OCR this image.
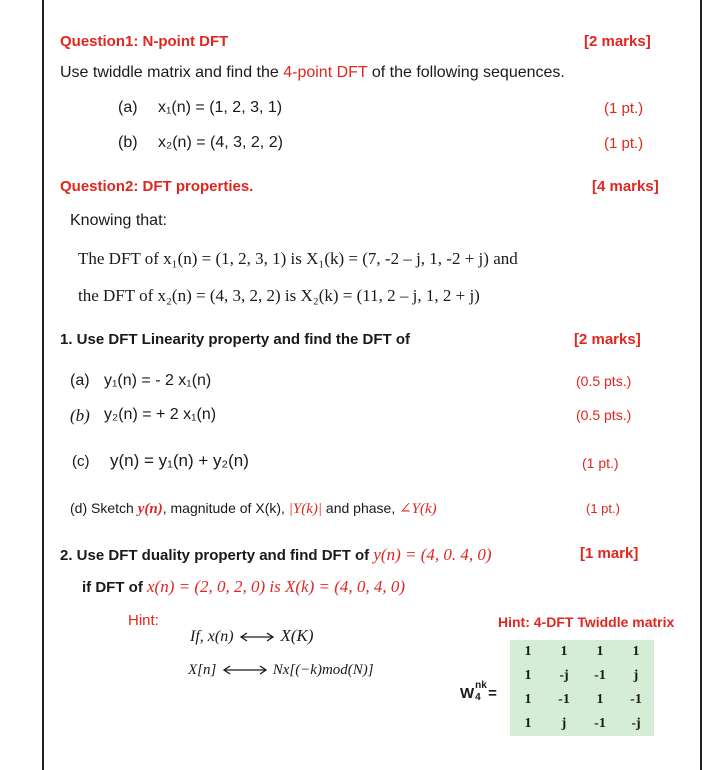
Question1: N-point DFT	[2 marks]
Use twiddle matrix and find the 4-point DFT of the following sequences.
(a) x₁(n) = (1, 2, 3, 1)	(1 pt.)
(b) x₂(n) = (4, 3, 2, 2)	(1 pt.)
Question2: DFT properties.	[4 marks]
Knowing that:
The DFT of x₁(n) = (1, 2, 3, 1) is X₁(k) = (7, -2 – j, 1, -2 + j) and
the DFT of x₂(n) = (4, 3, 2, 2) is X₂(k) = (11, 2 – j, 1, 2 + j)
1. Use DFT Linearity property and find the DFT of	[2 marks]
(a) y₁(n) = - 2 x₁(n)	(0.5 pts.)
(b) y₂(n) = + 2 x₁(n)	(0.5 pts.)
(c) y(n) = y₁(n) + y₂(n)	(1 pt.)
(d) Sketch y(n), magnitude of X(k), |Y(k)| and phase, ∠Y(k)	(1 pt.)
2. Use DFT duality property and find DFT of y(n) = (4, 0. 4, 0)	[1 mark]
if DFT of x(n) = (2, 0, 2, 0) is X(k) = (4, 0, 4, 0)
Hint:
If, x(n)	X(K)
X[n]	Nx[(−k)mod(N)]
Hint: 4-DFT Twiddle matrix
W nk
4 =
1	1	1	1
1	-j	-1	j
1	-1	1	-1
1	j	-1	-j
